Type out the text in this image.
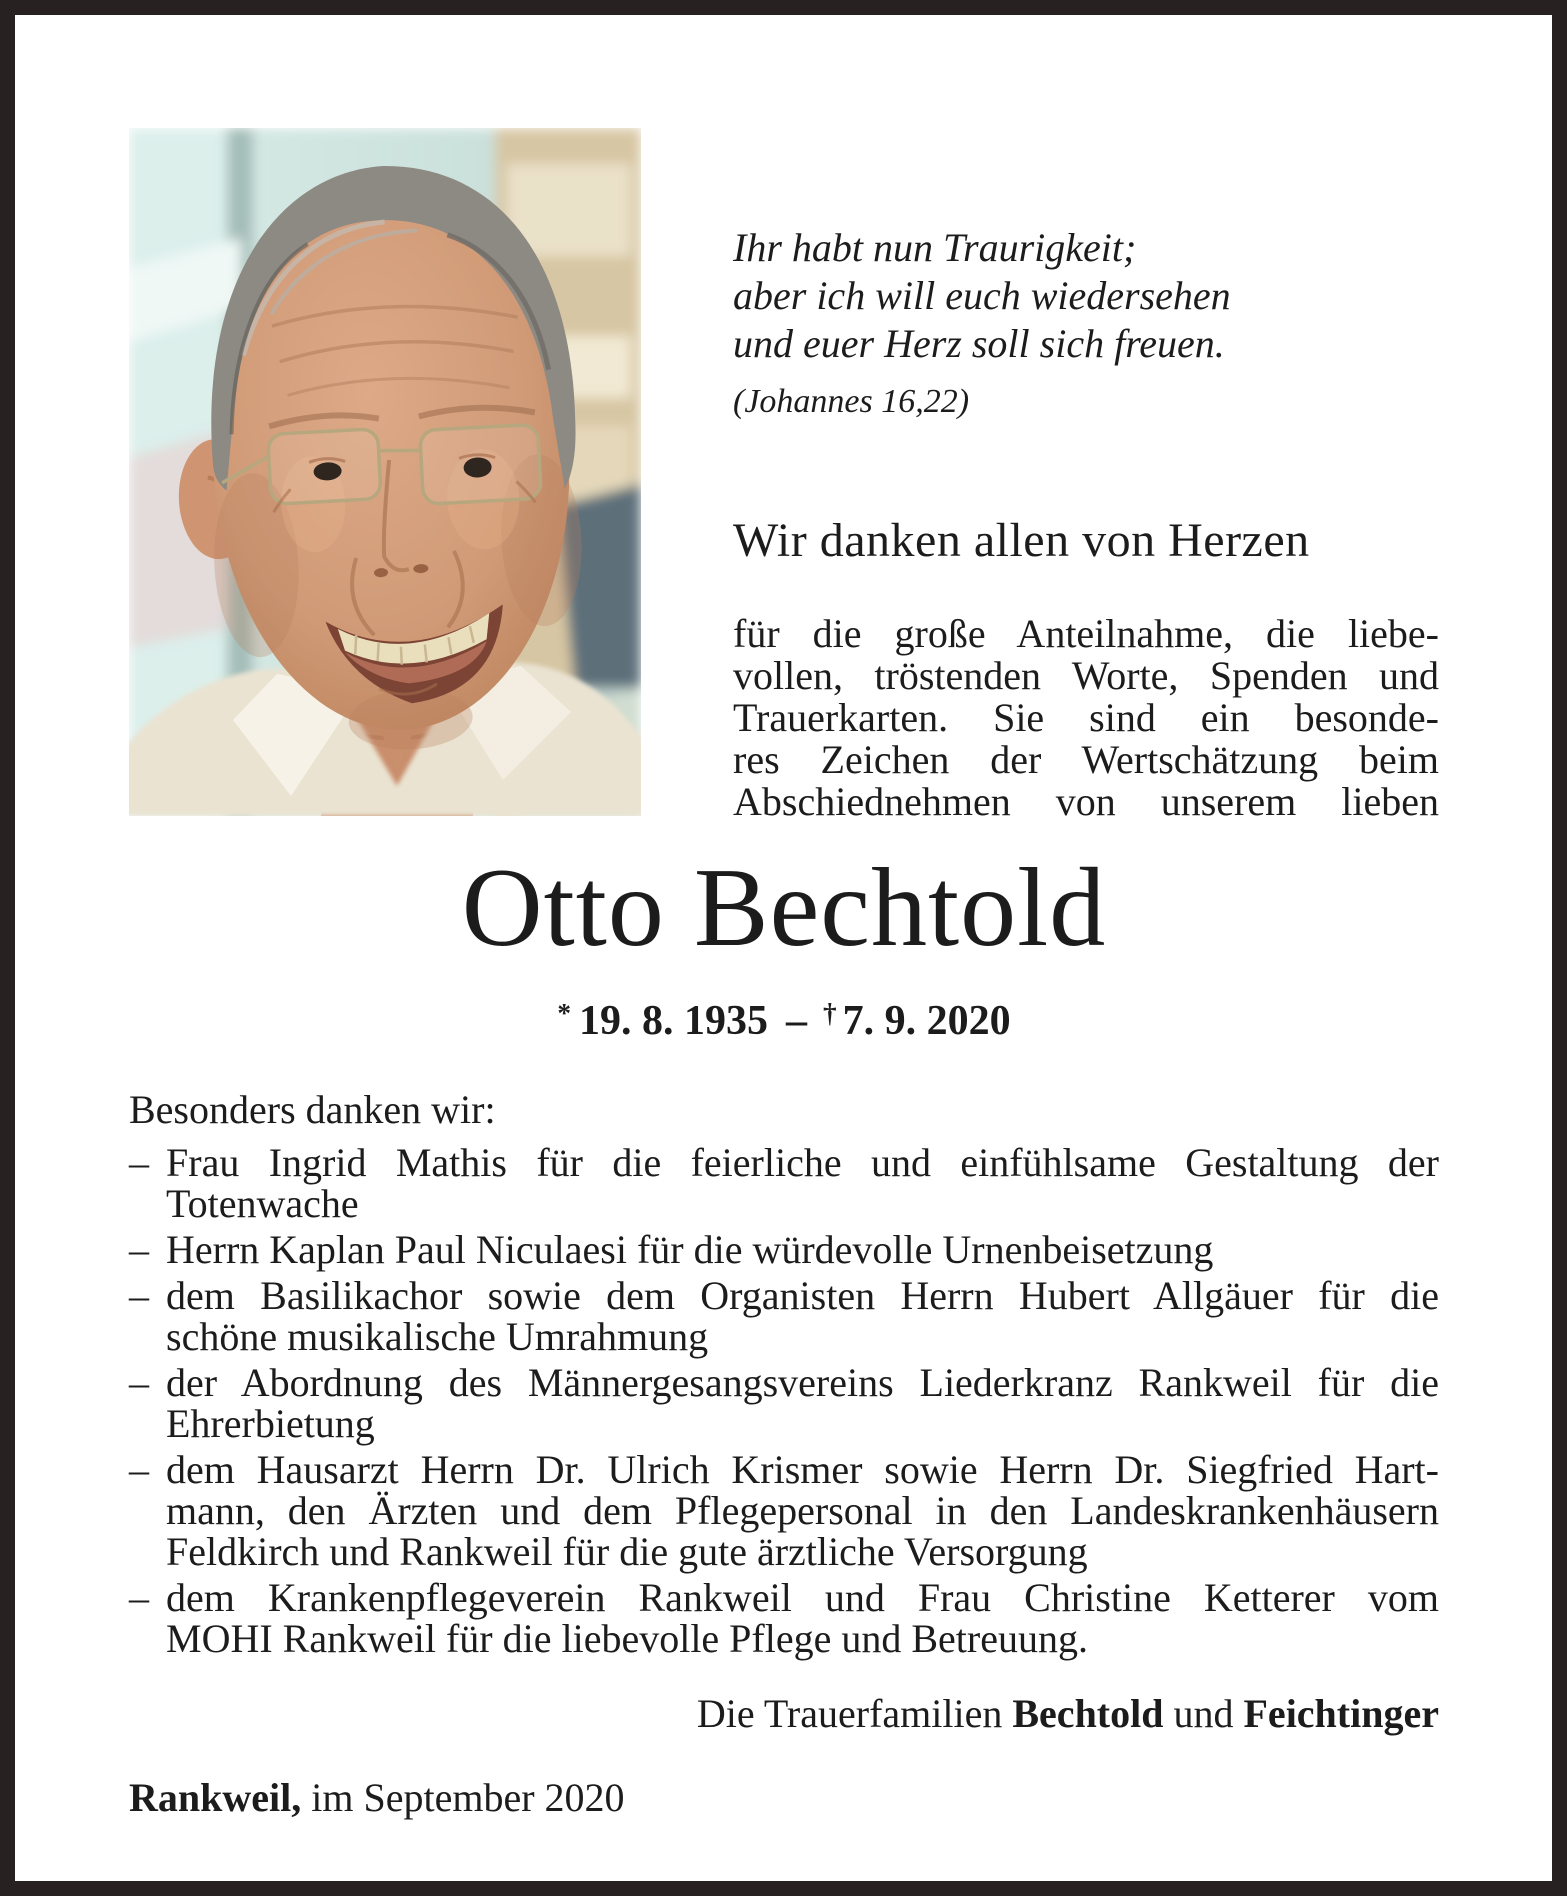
Ihr habt nun Traurigkeit;
aber ich will euch wiedersehen
und euer Herz soll sich freuen.
(Johannes 16,22)
Wir danken allen von Herzen
für die große Anteilnahme, die liebe-
vollen, tröstenden Worte, Spenden und
Trauerkarten. Sie sind ein besonde-
res Zeichen der Wertschätzung beim
Abschiednehmen von unserem lieben
Otto Bechtold
* 19. 8. 1935 – † 7. 9. 2020
Besonders danken wir:
– Frau Ingrid Mathis für die feierliche und einfühlsame Gestaltung der
Totenwache
– Herrn Kaplan Paul Niculaesi für die würdevolle Urnenbeisetzung
– dem Basilikachor sowie dem Organisten Herrn Hubert Allgäuer für die
schöne musikalische Umrahmung
– der Abordnung des Männergesangsvereins Liederkranz Rankweil für die
Ehrerbietung
– dem Hausarzt Herrn Dr. Ulrich Krismer sowie Herrn Dr. Siegfried Hart-
mann, den Ärzten und dem Pflegepersonal in den Landeskrankenhäusern
Feldkirch und Rankweil für die gute ärztliche Versorgung
– dem Krankenpflegeverein Rankweil und Frau Christine Ketterer vom
MOHI Rankweil für die liebevolle Pflege und Betreuung.
Die Trauerfamilien Bechtold und Feichtinger
Rankweil, im September 2020
